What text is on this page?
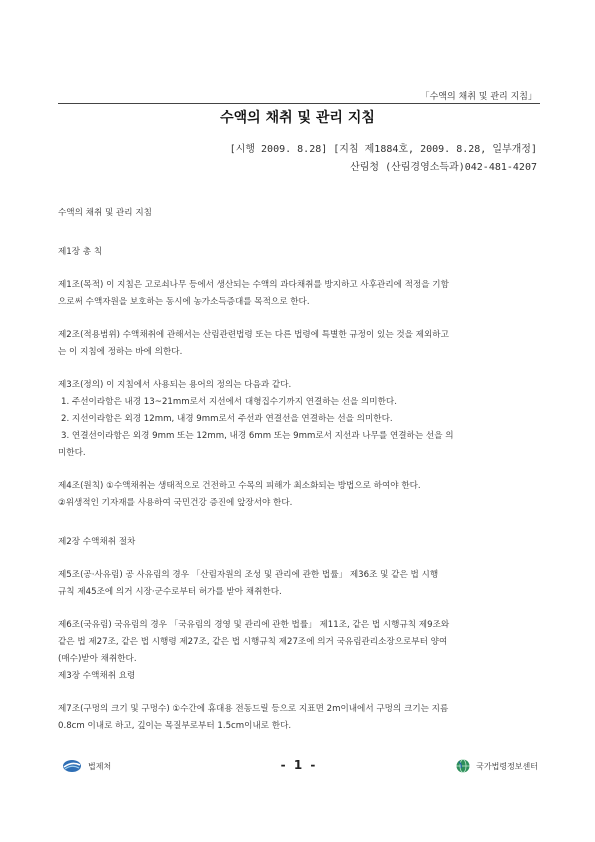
「수액의 채취 및 관리 지침」
수액의 채취 및 관리 지침
[시행 2009. 8.28] [지침 제1884호, 2009. 8.28, 일부개정]
산림청 (산림경영소득과)042-481-4207

수액의 채취 및 관리 지침

제1장 총 칙

제1조(목적) 이 지침은 고로쇠나무 등에서 생산되는 수액의 과다채취를 방지하고 사후관리에 적정을 기함

으로써 수액자원을 보호하는 동시에 농가소득증대를 목적으로 한다.

제2조(적용범위) 수액채취에 관해서는 산림관련법령 또는 다른 법령에 특별한 규정이 있는 것을 제외하고

는 이 지침에 정하는 바에 의한다.

제3조(정의) 이 지침에서 사용되는 용어의 정의는 다음과 같다.

1. 주선이라함은 내경 13~21mm로서 지선에서 대형집수기까지 연결하는 선을 의미한다.

2. 지선이라함은 외경 12mm, 내경 9mm로서 주선과 연결선을 연결하는 선을 의미한다.

3. 연결선이라함은 외경 9mm 또는 12mm, 내경 6mm 또는 9mm로서 지선과 나무를 연결하는 선을 의

미한다.

제4조(원칙) ①수액채취는 생태적으로 건전하고 수목의 피해가 최소화되는 방법으로 하여야 한다.

②위생적인 기자재를 사용하여 국민건강 증진에 앞장서야 한다.

제2장 수액채취 절차

제5조(공·사유림) 공 사유림의 경우 「산림자원의 조성 및 관리에 관한 법률」 제36조 및 같은 법 시행

규칙 제45조에 의거 시장·군수로부터 허가를 받아 채취한다.

제6조(국유림) 국유림의 경우 「국유림의 경영 및 관리에 관한 법률」 제11조, 같은 법 시행규칙 제9조와

같은 법 제27조, 같은 법 시행령 제27조, 같은 법 시행규칙 제27조에 의거 국유림관리소장으로부터 양여

(매수)받아 채취한다.

제3장 수액채취 요령

제7조(구멍의 크기 및 구멍수) ①수간에 휴대용 전동드릴 등으로 지표면 2m이내에서 구멍의 크기는 지름

0.8cm 이내로 하고, 깊이는 목질부로부터 1.5cm이내로 한다.

법제처	- 1 -	국가법령정보센터
